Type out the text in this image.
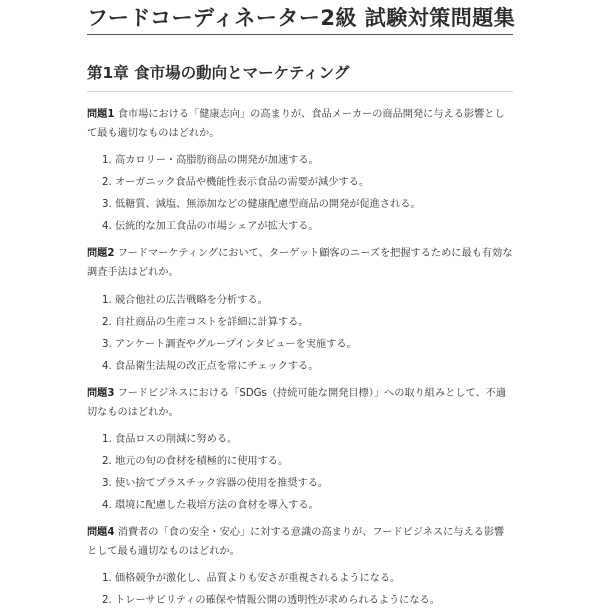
フードコーディネーター2級 試験対策問題集
第1章 食市場の動向とマーケティング

問題1 食市場における「健康志向」の高まりが、食品メーカーの商品開発に与える影響として最も適切なものはどれか。

1. 高カロリー・高脂肪商品の開発が加速する。
2. オーガニック食品や機能性表示食品の需要が減少する。
3. 低糖質、減塩、無添加などの健康配慮型商品の開発が促進される。
4. 伝統的な加工食品の市場シェアが拡大する。

問題2 フードマーケティングにおいて、ターゲット顧客のニーズを把握するために最も有効な調査手法はどれか。

1. 競合他社の広告戦略を分析する。
2. 自社商品の生産コストを詳細に計算する。
3. アンケート調査やグループインタビューを実施する。
4. 食品衛生法規の改正点を常にチェックする。

問題3 フードビジネスにおける「SDGs（持続可能な開発目標）」への取り組みとして、不適切なものはどれか。

1. 食品ロスの削減に努める。
2. 地元の旬の食材を積極的に使用する。
3. 使い捨てプラスチック容器の使用を推奨する。
4. 環境に配慮した栽培方法の食材を導入する。

問題4 消費者の「食の安全・安心」に対する意識の高まりが、フードビジネスに与える影響として最も適切なものはどれか。

1. 価格競争が激化し、品質よりも安さが重視されるようになる。
2. トレーサビリティの確保や情報公開の透明性が求められるようになる。
